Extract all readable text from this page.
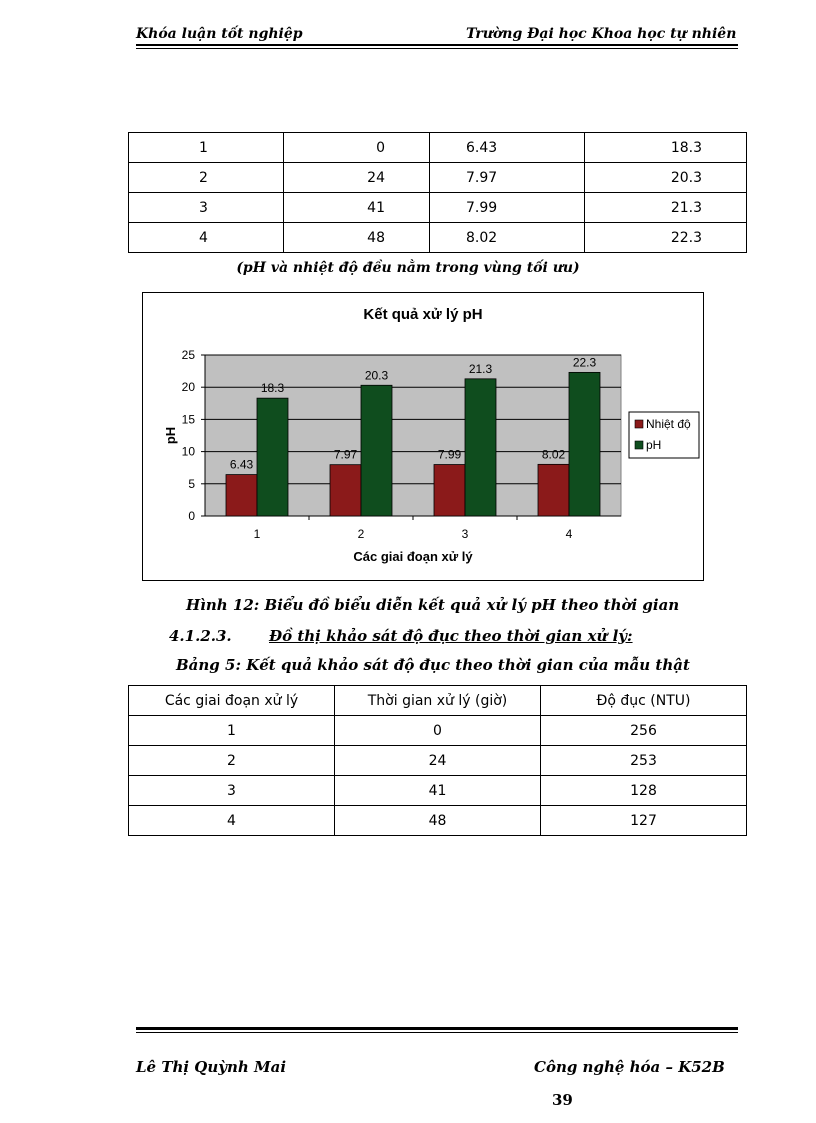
Khóa luận tốt nghiệp	Trường Đại học Khoa học tự nhiên
1	0	6.43	18.3
2	24	7.97	20.3
3	41	7.99	21.3
4	48	8.02	22.3
(pH và nhiệt độ đều nằm trong vùng tối ưu)
Kết quả xử lý pH
0
5
10
15
20
25
6.43
18.3
1
7.97
20.3
2
7.99
21.3
3
8.02
22.3
4
Các giai đoạn xử lý
pH
Nhiệt độ
pH
Hình 12: Biểu đồ biểu diễn kết quả xử lý pH theo thời gian
4.1.2.3. Đồ thị khảo sát độ đục theo thời gian xử lý:
Bảng 5: Kết quả khảo sát độ đục theo thời gian của mẫu thật
Các giai đoạn xử lý	Thời gian xử lý (giờ)	Độ đục (NTU)
1	0	256
2	24	253
3	41	128
4	48	127
Lê Thị Quỳnh Mai	Công nghệ hóa – K52B
39
